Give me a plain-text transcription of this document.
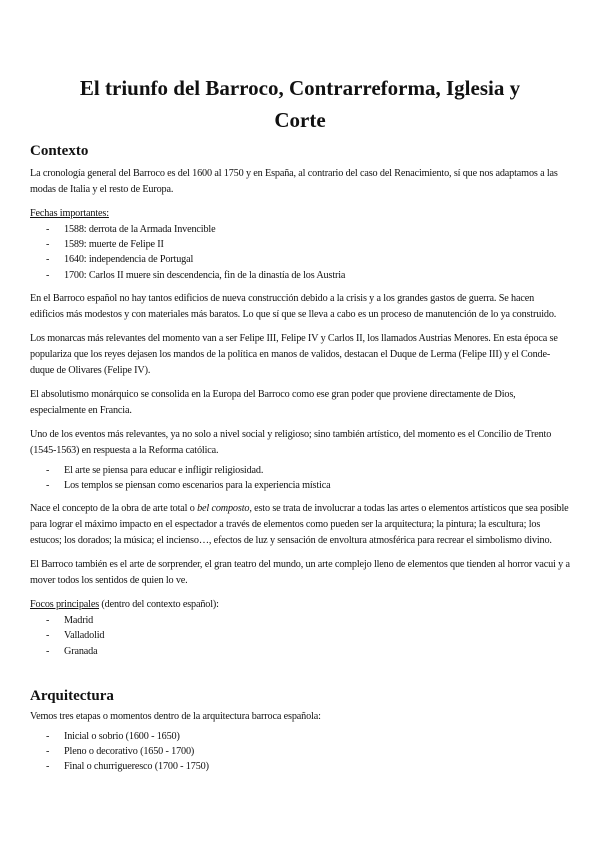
El triunfo del Barroco, Contrarreforma, Iglesia y Corte
Contexto

La cronología general del Barroco es del 1600 al 1750 y en España, al contrario del caso del Renacimiento, sí que nos adaptamos a las modas de Italia y el resto de Europa.

Fechas importantes:

- 1588: derrota de la Armada Invencible
- 1589: muerte de Felipe II
- 1640: independencia de Portugal
- 1700: Carlos II muere sin descendencia, fin de la dinastía de los Austria

En el Barroco español no hay tantos edificios de nueva construcción debido a la crisis y a los grandes gastos de guerra. Se hacen edificios más modestos y con materiales más baratos. Lo que sí que se lleva a cabo es un proceso de manutención de lo ya construido.

Los monarcas más relevantes del momento van a ser Felipe III, Felipe IV y Carlos II, los llamados Austrias Menores. En esta época se populariza que los reyes dejasen los mandos de la política en manos de validos, destacan el Duque de Lerma (Felipe III) y el Conde-duque de Olivares (Felipe IV).

El absolutismo monárquico se consolida en la Europa del Barroco como ese gran poder que proviene directamente de Dios, especialmente en Francia.

Uno de los eventos más relevantes, ya no solo a nivel social y religioso; sino también artístico, del momento es el Concilio de Trento (1545-1563) en respuesta a la Reforma católica.

- El arte se piensa para educar e infligir religiosidad.
- Los templos se piensan como escenarios para la experiencia mística

Nace el concepto de la obra de arte total o bel composto, esto se trata de involucrar a todas las artes o elementos artísticos que sea posible para lograr el máximo impacto en el espectador a través de elementos como pueden ser la arquitectura; la pintura; la escultura; los estucos; los dorados; la música; el incienso…, efectos de luz y sensación de envoltura atmosférica para recrear el simbolismo divino.

El Barroco también es el arte de sorprender, el gran teatro del mundo, un arte complejo lleno de elementos que tienden al horror vacui y a mover todos los sentidos de quien lo ve.

Focos principales (dentro del contexto español):

- Madrid
- Valladolid
- Granada
Arquitectura

Vemos tres etapas o momentos dentro de la arquitectura barroca española:

- Inicial o sobrio (1600 - 1650)
- Pleno o decorativo (1650 - 1700)
- Final o churrigueresco (1700 - 1750)
